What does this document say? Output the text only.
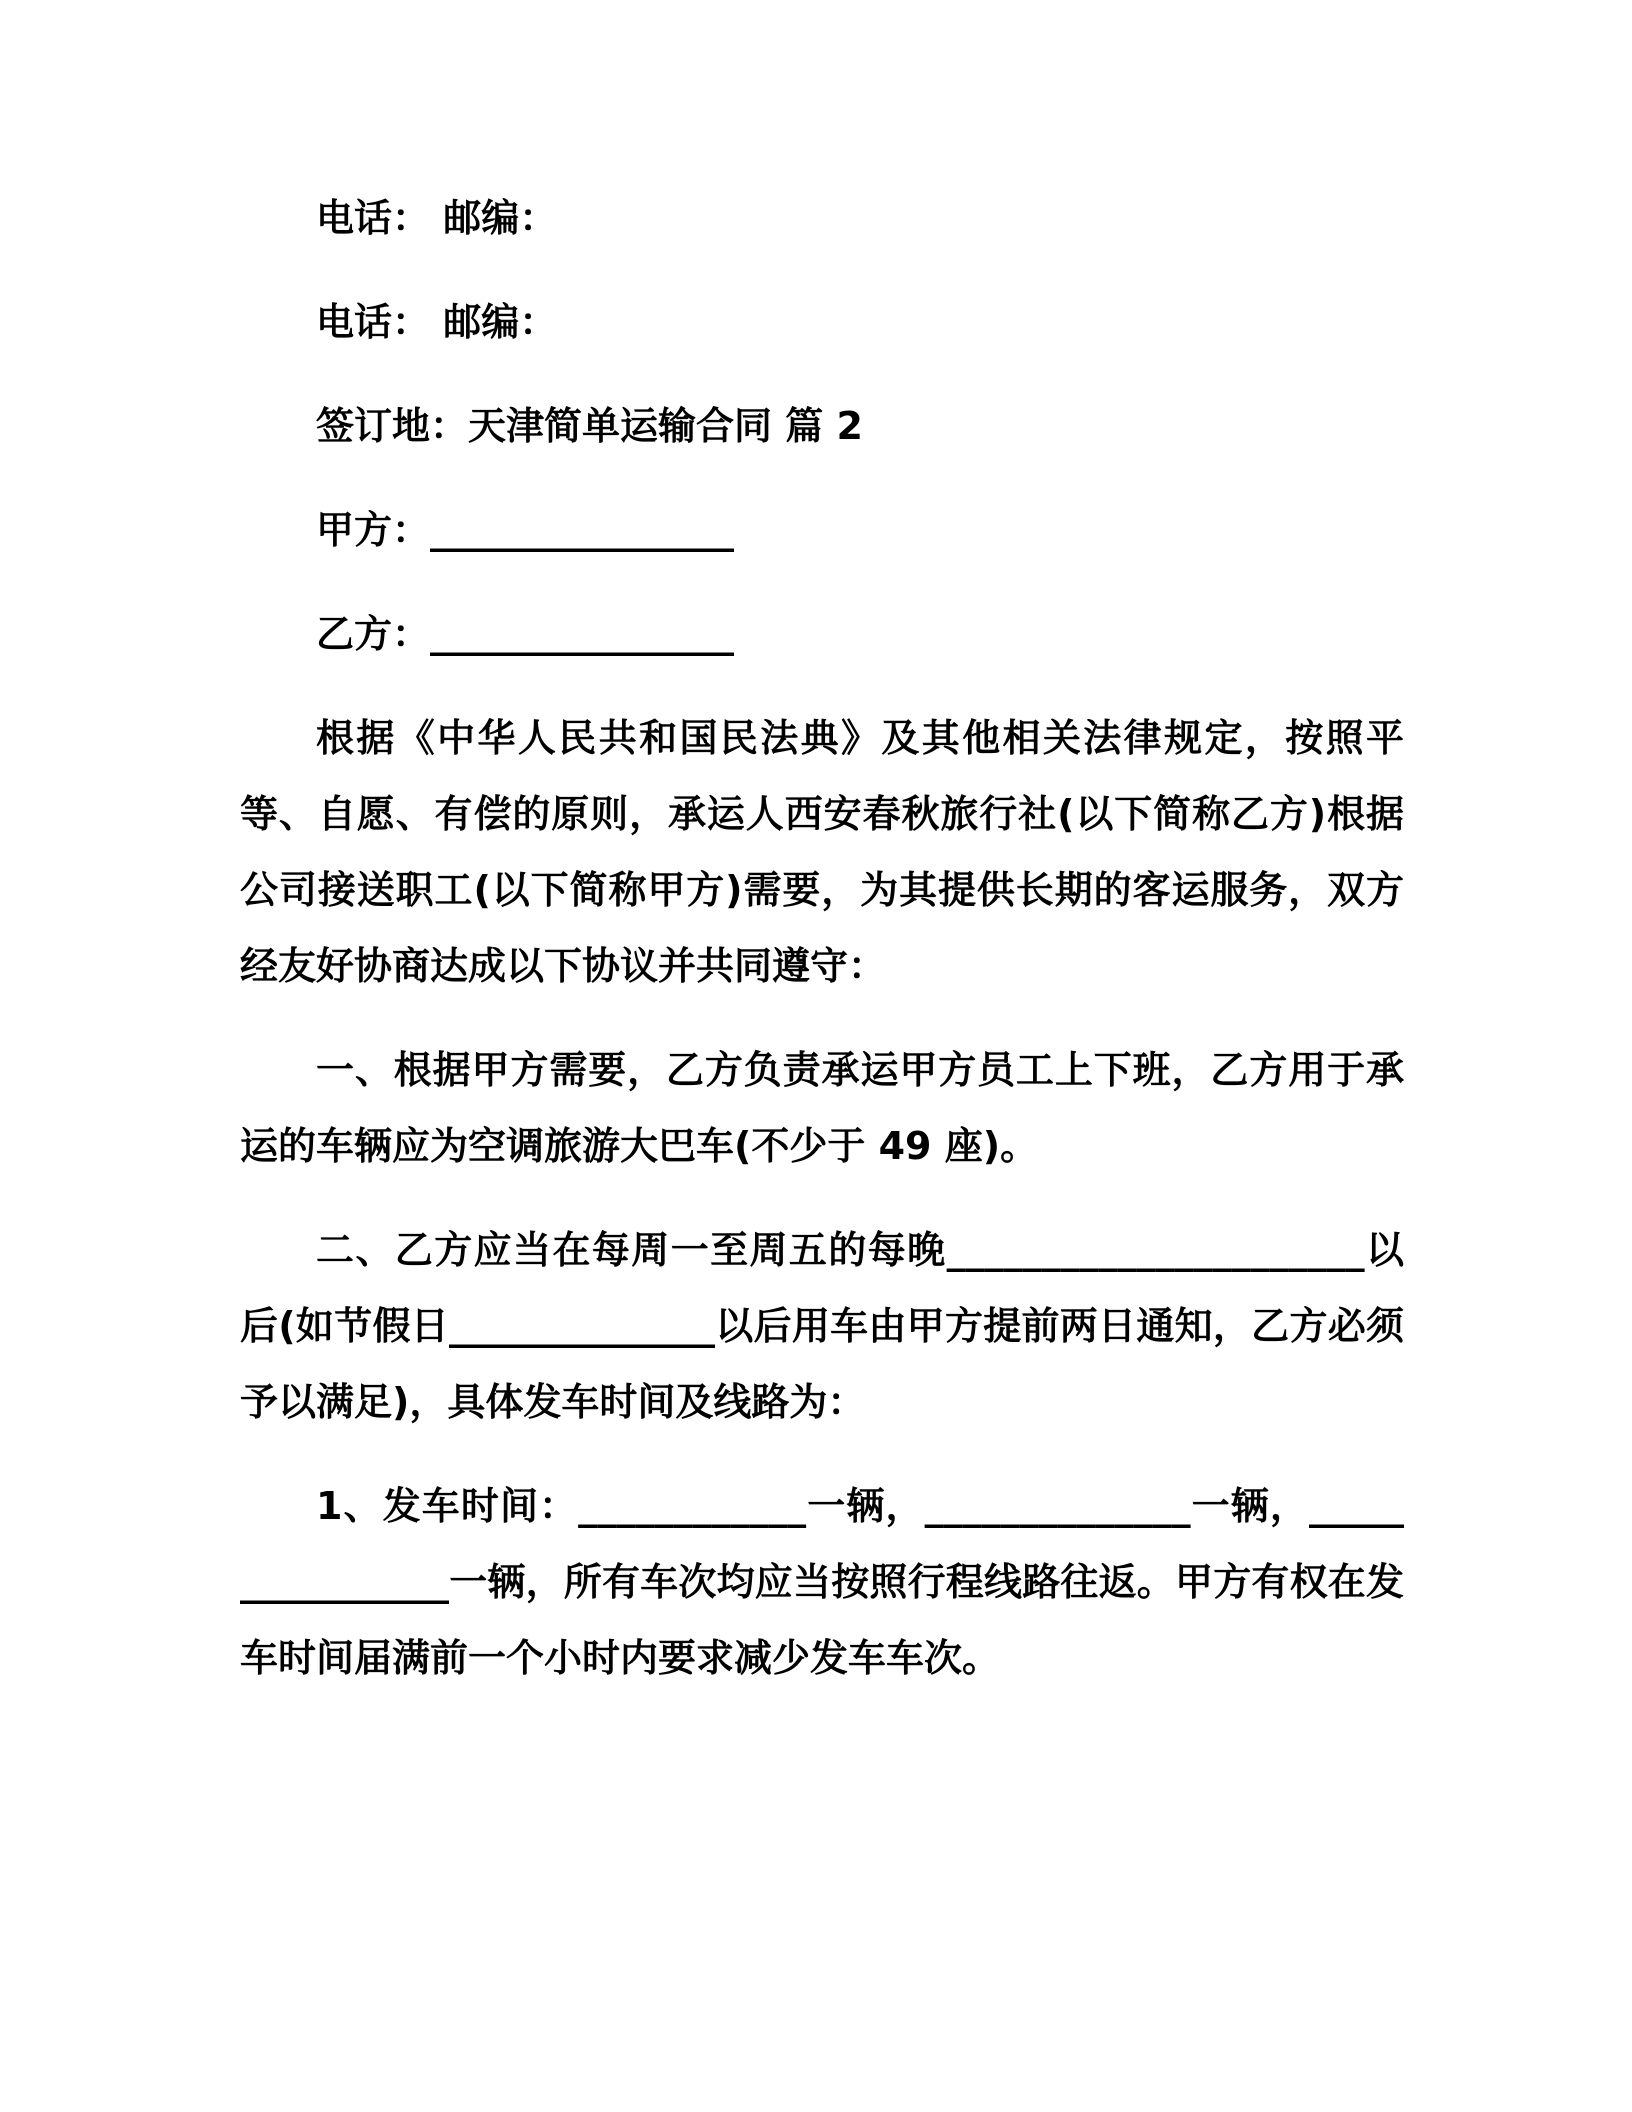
电话： 邮编：

电话： 邮编：

签订地：天津简单运输合同 篇 2

甲方：________________

乙方：________________

根据《中华人民共和国民法典》及其他相关法律规定，按照平等、自愿、有偿的原则，承运人西安春秋旅行社(以下简称乙方)根据公司接送职工(以下简称甲方)需要，为其提供长期的客运服务，双方经友好协商达成以下协议并共同遵守：

一、根据甲方需要，乙方负责承运甲方员工上下班，乙方用于承运的车辆应为空调旅游大巴车(不少于 49 座)。

二、乙方应当在每周一至周五的每晚______________________以后(如节假日______________以后用车由甲方提前两日通知，乙方必须予以满足)，具体发车时间及线路为：

1、发车时间：____________一辆，______________一辆，________________一辆，所有车次均应当按照行程线路往返。甲方有权在发车时间届满前一个小时内要求减少发车车次。
